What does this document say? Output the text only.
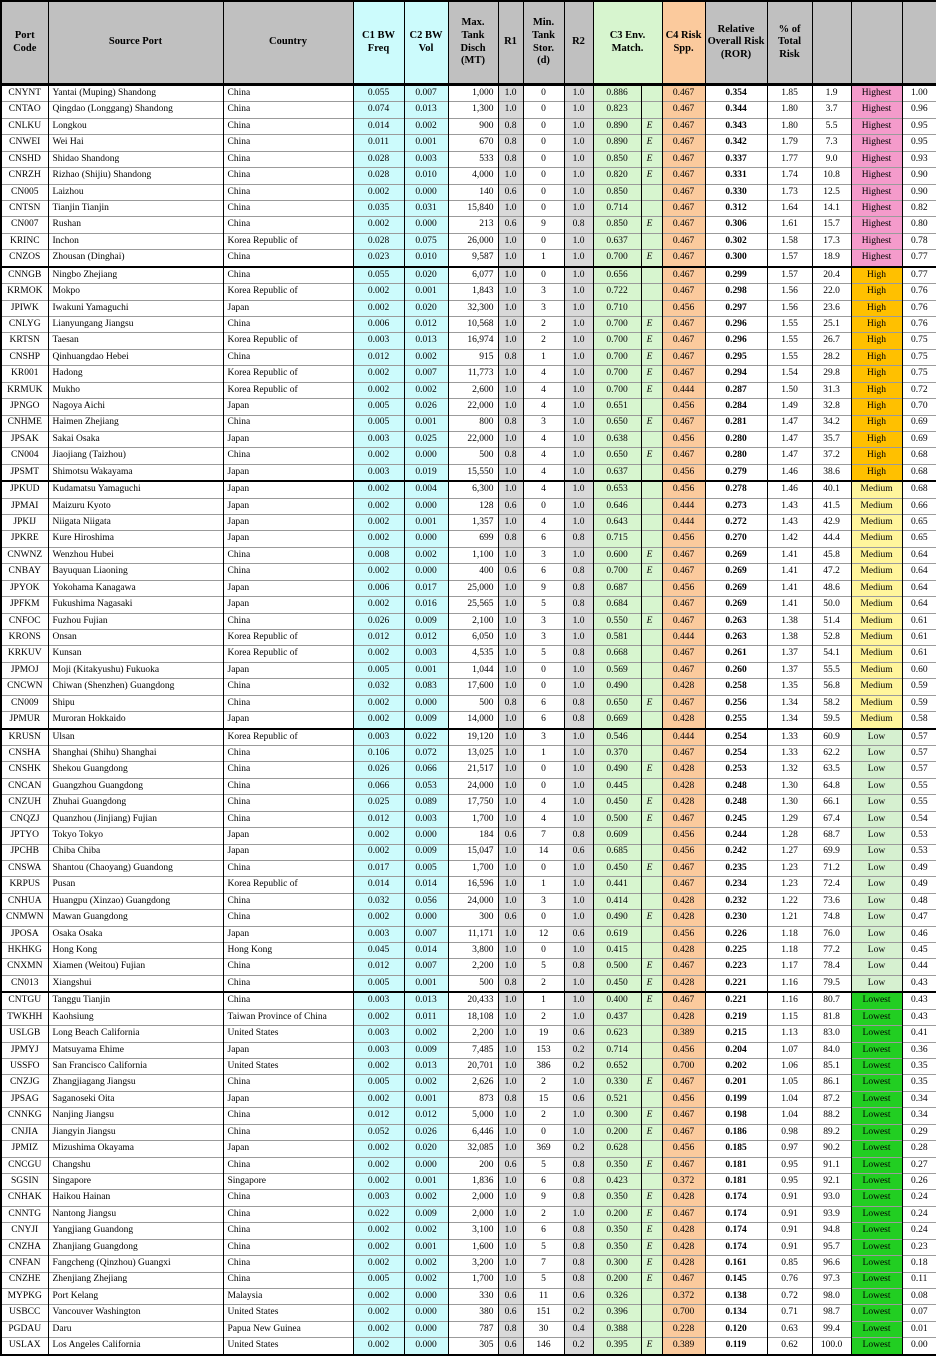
Port Code	Source Port	Country	C1 BW Freq	C2 BW Vol	Max. Tank Disch (MT)	R1	Min. Tank Stor. (d)	R2	C3 Env. Match.		C4 Risk Spp.	Relative Overall Risk (ROR)	% of Total Risk			
CNYNT	Yantai (Muping) Shandong	China	0.055	0.007	1,000	1.0	0	1.0	0.886		0.467	0.354	1.85	1.9	Highest	1.00
CNTAO	Qingdao (Longgang) Shandong	China	0.074	0.013	1,300	1.0	0	1.0	0.823		0.467	0.344	1.80	3.7	Highest	0.96
CNLKU	Longkou	China	0.014	0.002	900	0.8	0	1.0	0.890	E	0.467	0.343	1.80	5.5	Highest	0.95
CNWEI	Wei Hai	China	0.011	0.001	670	0.8	0	1.0	0.890	E	0.467	0.342	1.79	7.3	Highest	0.95
CNSHD	Shidao Shandong	China	0.028	0.003	533	0.8	0	1.0	0.850	E	0.467	0.337	1.77	9.0	Highest	0.93
CNRZH	Rizhao (Shijiu) Shandong	China	0.028	0.010	4,000	1.0	0	1.0	0.820	E	0.467	0.331	1.74	10.8	Highest	0.90
CN005	Laizhou	China	0.002	0.000	140	0.6	0	1.0	0.850		0.467	0.330	1.73	12.5	Highest	0.90
CNTSN	Tianjin Tianjin	China	0.035	0.031	15,840	1.0	0	1.0	0.714		0.467	0.312	1.64	14.1	Highest	0.82
CN007	Rushan	China	0.002	0.000	213	0.6	9	0.8	0.850	E	0.467	0.306	1.61	15.7	Highest	0.80
KRINC	Inchon	Korea Republic of	0.028	0.075	26,000	1.0	0	1.0	0.637		0.467	0.302	1.58	17.3	Highest	0.78
CNZOS	Zhousan (Dinghai)	China	0.023	0.010	9,587	1.0	1	1.0	0.700	E	0.467	0.300	1.57	18.9	Highest	0.77
CNNGB	Ningbo Zhejiang	China	0.055	0.020	6,077	1.0	0	1.0	0.656		0.467	0.299	1.57	20.4	High	0.77
KRMOK	Mokpo	Korea Republic of	0.002	0.001	1,843	1.0	3	1.0	0.722		0.467	0.298	1.56	22.0	High	0.76
JPIWK	Iwakuni Yamaguchi	Japan	0.002	0.020	32,300	1.0	3	1.0	0.710		0.456	0.297	1.56	23.6	High	0.76
CNLYG	Lianyungang Jiangsu	China	0.006	0.012	10,568	1.0	2	1.0	0.700	E	0.467	0.296	1.55	25.1	High	0.76
KRTSN	Taesan	Korea Republic of	0.003	0.013	16,974	1.0	2	1.0	0.700	E	0.467	0.296	1.55	26.7	High	0.75
CNSHP	Qinhuangdao Hebei	China	0.012	0.002	915	0.8	1	1.0	0.700	E	0.467	0.295	1.55	28.2	High	0.75
KR001	Hadong	Korea Republic of	0.002	0.007	11,773	1.0	4	1.0	0.700	E	0.467	0.294	1.54	29.8	High	0.75
KRMUK	Mukho	Korea Republic of	0.002	0.002	2,600	1.0	4	1.0	0.700	E	0.444	0.287	1.50	31.3	High	0.72
JPNGO	Nagoya Aichi	Japan	0.005	0.026	22,000	1.0	4	1.0	0.651		0.456	0.284	1.49	32.8	High	0.70
CNHME	Haimen Zhejiang	China	0.005	0.001	800	0.8	3	1.0	0.650	E	0.467	0.281	1.47	34.2	High	0.69
JPSAK	Sakai Osaka	Japan	0.003	0.025	22,000	1.0	4	1.0	0.638		0.456	0.280	1.47	35.7	High	0.69
CN004	Jiaojiang (Taizhou)	China	0.002	0.000	500	0.8	4	1.0	0.650	E	0.467	0.280	1.47	37.2	High	0.68
JPSMT	Shimotsu Wakayama	Japan	0.003	0.019	15,550	1.0	4	1.0	0.637		0.456	0.279	1.46	38.6	High	0.68
JPKUD	Kudamatsu Yamaguchi	Japan	0.002	0.004	6,300	1.0	4	1.0	0.653		0.456	0.278	1.46	40.1	Medium	0.68
JPMAI	Maizuru Kyoto	Japan	0.002	0.000	128	0.6	0	1.0	0.646		0.444	0.273	1.43	41.5	Medium	0.66
JPKIJ	Niigata Niigata	Japan	0.002	0.001	1,357	1.0	4	1.0	0.643		0.444	0.272	1.43	42.9	Medium	0.65
JPKRE	Kure Hiroshima	Japan	0.002	0.000	699	0.8	6	0.8	0.715		0.456	0.270	1.42	44.4	Medium	0.65
CNWNZ	Wenzhou Hubei	China	0.008	0.002	1,100	1.0	3	1.0	0.600	E	0.467	0.269	1.41	45.8	Medium	0.64
CNBAY	Bayuquan Liaoning	China	0.002	0.000	400	0.6	6	0.8	0.700	E	0.467	0.269	1.41	47.2	Medium	0.64
JPYOK	Yokohama Kanagawa	Japan	0.006	0.017	25,000	1.0	9	0.8	0.687		0.456	0.269	1.41	48.6	Medium	0.64
JPFKM	Fukushima Nagasaki	Japan	0.002	0.016	25,565	1.0	5	0.8	0.684		0.467	0.269	1.41	50.0	Medium	0.64
CNFOC	Fuzhou Fujian	China	0.026	0.009	2,100	1.0	3	1.0	0.550	E	0.467	0.263	1.38	51.4	Medium	0.61
KRONS	Onsan	Korea Republic of	0.012	0.012	6,050	1.0	3	1.0	0.581		0.444	0.263	1.38	52.8	Medium	0.61
KRKUV	Kunsan	Korea Republic of	0.002	0.003	4,535	1.0	5	0.8	0.668		0.467	0.261	1.37	54.1	Medium	0.61
JPMOJ	Moji (Kitakyushu) Fukuoka	Japan	0.005	0.001	1,044	1.0	0	1.0	0.569		0.467	0.260	1.37	55.5	Medium	0.60
CNCWN	Chiwan (Shenzhen) Guangdong	China	0.032	0.083	17,600	1.0	0	1.0	0.490		0.428	0.258	1.35	56.8	Medium	0.59
CN009	Shipu	China	0.002	0.000	500	0.8	6	0.8	0.650	E	0.467	0.256	1.34	58.2	Medium	0.59
JPMUR	Muroran Hokkaido	Japan	0.002	0.009	14,000	1.0	6	0.8	0.669		0.428	0.255	1.34	59.5	Medium	0.58
KRUSN	Ulsan	Korea Republic of	0.003	0.022	19,120	1.0	3	1.0	0.546		0.444	0.254	1.33	60.9	Low	0.57
CNSHA	Shanghai (Shihu) Shanghai	China	0.106	0.072	13,025	1.0	1	1.0	0.370		0.467	0.254	1.33	62.2	Low	0.57
CNSHK	Shekou Guangdong	China	0.026	0.066	21,517	1.0	0	1.0	0.490	E	0.428	0.253	1.32	63.5	Low	0.57
CNCAN	Guangzhou Guangdong	China	0.066	0.053	24,000	1.0	0	1.0	0.445		0.428	0.248	1.30	64.8	Low	0.55
CNZUH	Zhuhai Guangdong	China	0.025	0.089	17,750	1.0	4	1.0	0.450	E	0.428	0.248	1.30	66.1	Low	0.55
CNQZJ	Quanzhou (Jinjiang) Fujian	China	0.012	0.003	1,700	1.0	4	1.0	0.500	E	0.467	0.245	1.29	67.4	Low	0.54
JPTYO	Tokyo Tokyo	Japan	0.002	0.000	184	0.6	7	0.8	0.609		0.456	0.244	1.28	68.7	Low	0.53
JPCHB	Chiba Chiba	Japan	0.002	0.009	15,047	1.0	14	0.6	0.685		0.456	0.242	1.27	69.9	Low	0.53
CNSWA	Shantou (Chaoyang) Guandong	China	0.017	0.005	1,700	1.0	0	1.0	0.450	E	0.467	0.235	1.23	71.2	Low	0.49
KRPUS	Pusan	Korea Republic of	0.014	0.014	16,596	1.0	1	1.0	0.441		0.467	0.234	1.23	72.4	Low	0.49
CNHUA	Huangpu (Xinzao) Guangdong	China	0.032	0.056	24,000	1.0	3	1.0	0.414		0.428	0.232	1.22	73.6	Low	0.48
CNMWN	Mawan Guangdong	China	0.002	0.000	300	0.6	0	1.0	0.490	E	0.428	0.230	1.21	74.8	Low	0.47
JPOSA	Osaka Osaka	Japan	0.003	0.007	11,171	1.0	12	0.6	0.619		0.456	0.226	1.18	76.0	Low	0.46
HKHKG	Hong Kong	Hong Kong	0.045	0.014	3,800	1.0	0	1.0	0.415		0.428	0.225	1.18	77.2	Low	0.45
CNXMN	Xiamen (Weitou) Fujian	China	0.012	0.007	2,200	1.0	5	0.8	0.500	E	0.467	0.223	1.17	78.4	Low	0.44
CN013	Xiangshui	China	0.005	0.001	500	0.8	2	1.0	0.450	E	0.428	0.221	1.16	79.5	Low	0.43
CNTGU	Tanggu Tianjin	China	0.003	0.013	20,433	1.0	1	1.0	0.400	E	0.467	0.221	1.16	80.7	Lowest	0.43
TWKHH	Kaohsiung	Taiwan Province of China	0.002	0.011	18,108	1.0	2	1.0	0.437		0.428	0.219	1.15	81.8	Lowest	0.43
USLGB	Long Beach California	United States	0.003	0.002	2,200	1.0	19	0.6	0.623		0.389	0.215	1.13	83.0	Lowest	0.41
JPMYJ	Matsuyama Ehime	Japan	0.003	0.009	7,485	1.0	153	0.2	0.714		0.456	0.204	1.07	84.0	Lowest	0.36
USSFO	San Francisco California	United States	0.002	0.013	20,701	1.0	386	0.2	0.652		0.700	0.202	1.06	85.1	Lowest	0.35
CNZJG	Zhangjiagang Jiangsu	China	0.005	0.002	2,626	1.0	2	1.0	0.330	E	0.467	0.201	1.05	86.1	Lowest	0.35
JPSAG	Saganoseki Oita	Japan	0.002	0.001	873	0.8	15	0.6	0.521		0.456	0.199	1.04	87.2	Lowest	0.34
CNNKG	Nanjing Jiangsu	China	0.012	0.012	5,000	1.0	2	1.0	0.300	E	0.467	0.198	1.04	88.2	Lowest	0.34
CNJIA	Jiangyin Jiangsu	China	0.052	0.026	6,446	1.0	0	1.0	0.200	E	0.467	0.186	0.98	89.2	Lowest	0.29
JPMIZ	Mizushima Okayama	Japan	0.002	0.020	32,085	1.0	369	0.2	0.628		0.456	0.185	0.97	90.2	Lowest	0.28
CNCGU	Changshu	China	0.002	0.000	200	0.6	5	0.8	0.350	E	0.467	0.181	0.95	91.1	Lowest	0.27
SGSIN	Singapore	Singapore	0.002	0.001	1,836	1.0	6	0.8	0.423		0.372	0.181	0.95	92.1	Lowest	0.26
CNHAK	Haikou Hainan	China	0.003	0.002	2,000	1.0	9	0.8	0.350	E	0.428	0.174	0.91	93.0	Lowest	0.24
CNNTG	Nantong Jiangsu	China	0.022	0.009	2,000	1.0	2	1.0	0.200	E	0.467	0.174	0.91	93.9	Lowest	0.24
CNYJI	Yangjiang Guandong	China	0.002	0.002	3,100	1.0	6	0.8	0.350	E	0.428	0.174	0.91	94.8	Lowest	0.24
CNZHA	Zhanjiang Guangdong	China	0.002	0.001	1,600	1.0	5	0.8	0.350	E	0.428	0.174	0.91	95.7	Lowest	0.23
CNFAN	Fangcheng (Qinzhou) Guangxi	China	0.002	0.002	3,200	1.0	7	0.8	0.300	E	0.428	0.161	0.85	96.6	Lowest	0.18
CNZHE	Zhenjiang Zhejiang	China	0.005	0.002	1,700	1.0	5	0.8	0.200	E	0.467	0.145	0.76	97.3	Lowest	0.11
MYPKG	Port Kelang	Malaysia	0.002	0.000	330	0.6	11	0.6	0.326		0.372	0.138	0.72	98.0	Lowest	0.08
USBCC	Vancouver Washington	United States	0.002	0.000	380	0.6	151	0.2	0.396		0.700	0.134	0.71	98.7	Lowest	0.07
PGDAU	Daru	Papua New Guinea	0.002	0.000	787	0.8	30	0.4	0.388		0.228	0.120	0.63	99.4	Lowest	0.01
USLAX	Los Angeles California	United States	0.002	0.000	305	0.6	146	0.2	0.395	E	0.389	0.119	0.62	100.0	Lowest	0.00
